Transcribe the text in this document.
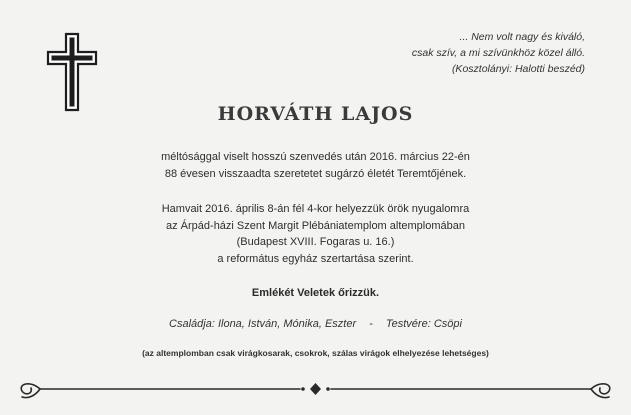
... Nem volt nagy és kiváló,
csak szív, a mi szívünkhöz közel álló.
(Kosztolányi: Halotti beszéd)
HORVÁTH LAJOS
méltósággal viselt hosszú szenvedés után 2016. március 22-én
88 évesen visszaadta szeretetet sugárzó életét Teremtőjének.
Hamvait 2016. április 8-án fél 4-kor helyezzük örök nyugalomra
az Árpád-házi Szent Margit Plébániatemplom altemplomában
(Budapest XVIII. Fogaras u. 16.)
a református egyház szertartása szerint.
Emlékét Veletek őrizzük.
Családja: Ilona, István, Mónika, Eszter - Testvére: Csöpi
(az altemplomban csak virágkosarak, csokrok, szálas virágok elhelyezése lehetséges)
